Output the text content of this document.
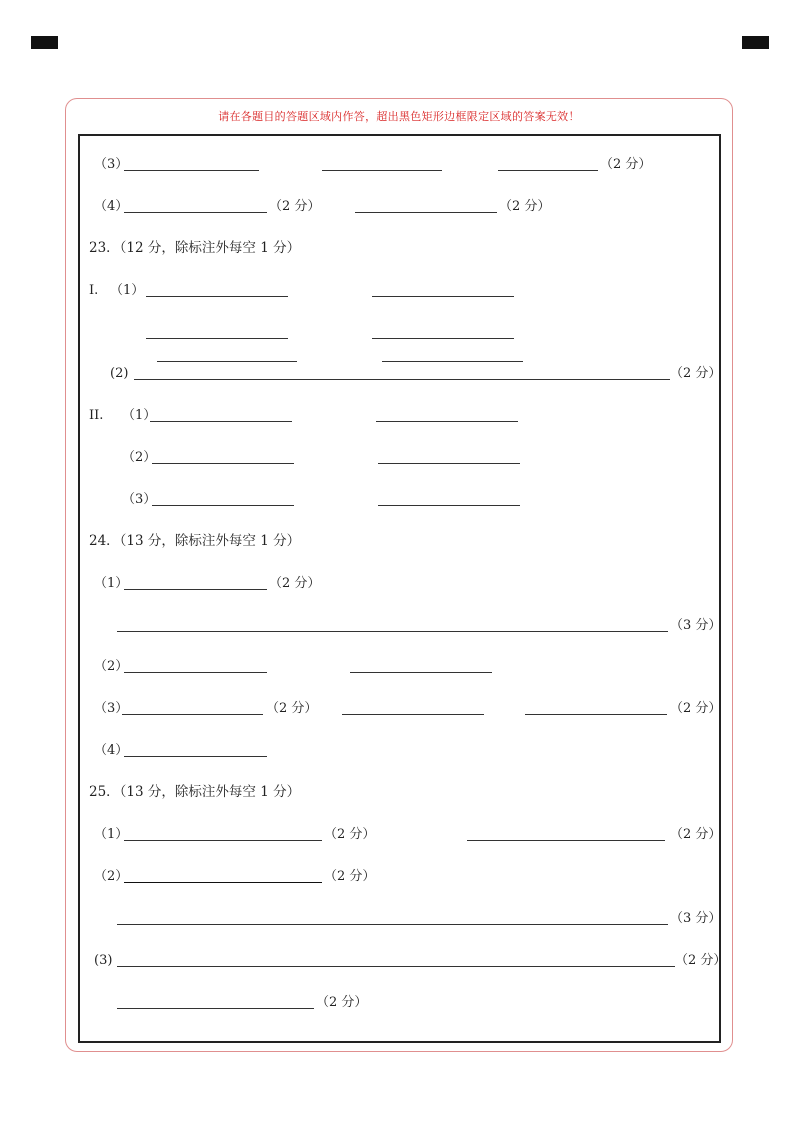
请在各题目的答题区域内作答，超出黑色矩形边框限定区域的答案无效！
（3）	（2 分）
（4）	（2 分）	（2 分）
23．（12 分，除标注外每空 1 分）
I. （1）
(2)	（2 分）
II. （1）
（2）
（3）
24．（13 分，除标注外每空 1 分）
（1）	（2 分）
（3 分）
（2）
（3）	（2 分）	（2 分）
（4）
25．（13 分，除标注外每空 1 分）
（1）	（2 分）	（2 分）
（2）	（2 分）
（3 分）
(3)	（2 分）
（2 分）
